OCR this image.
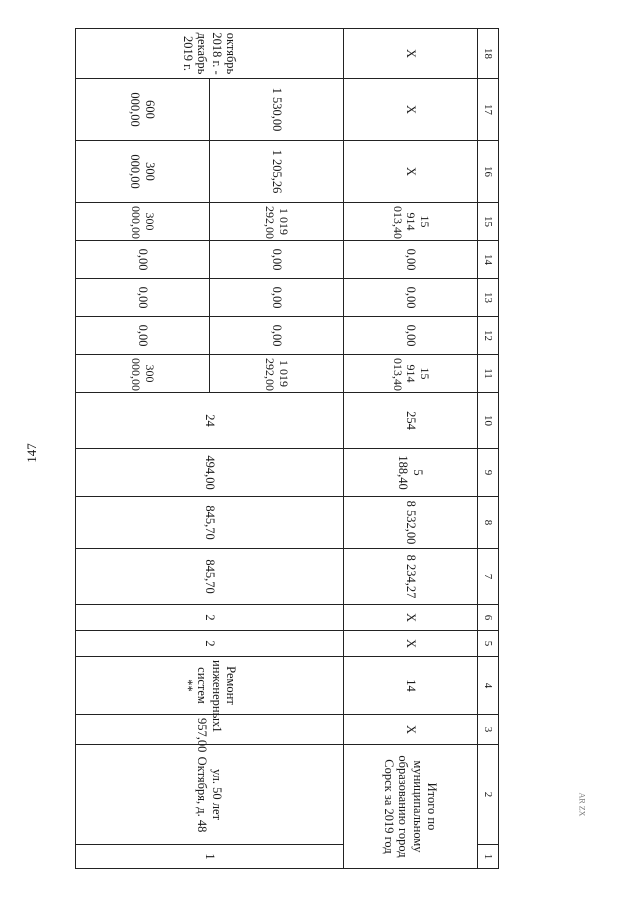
147
AR ZX
18	17	16	15	14	13	12	11	10	9	8	7	6	5	4	3	2	1
X	X	X	15 914 013,40	0,00	0,00	0,00	15 914 013,40	254	5 188,40	8 532,00	8 234,27	X	X	14	X	Итого по муниципальному образованию город Сорск за 2019 год	
октябрь 2018 г. - декабрь 2019 г.	1 530,00	1 205,26	1 019 292,00	0,00	0,00	0,00	1 019 292,00	24	494,00	845,70	845,70	2	2	Ремонт инженерных систем **	1 957,00	ул. 50 лет Октября, д. 48	1
	600 000,00	300 000,00	300 000,00	0,00	0,00	0,00	300 000,00										
